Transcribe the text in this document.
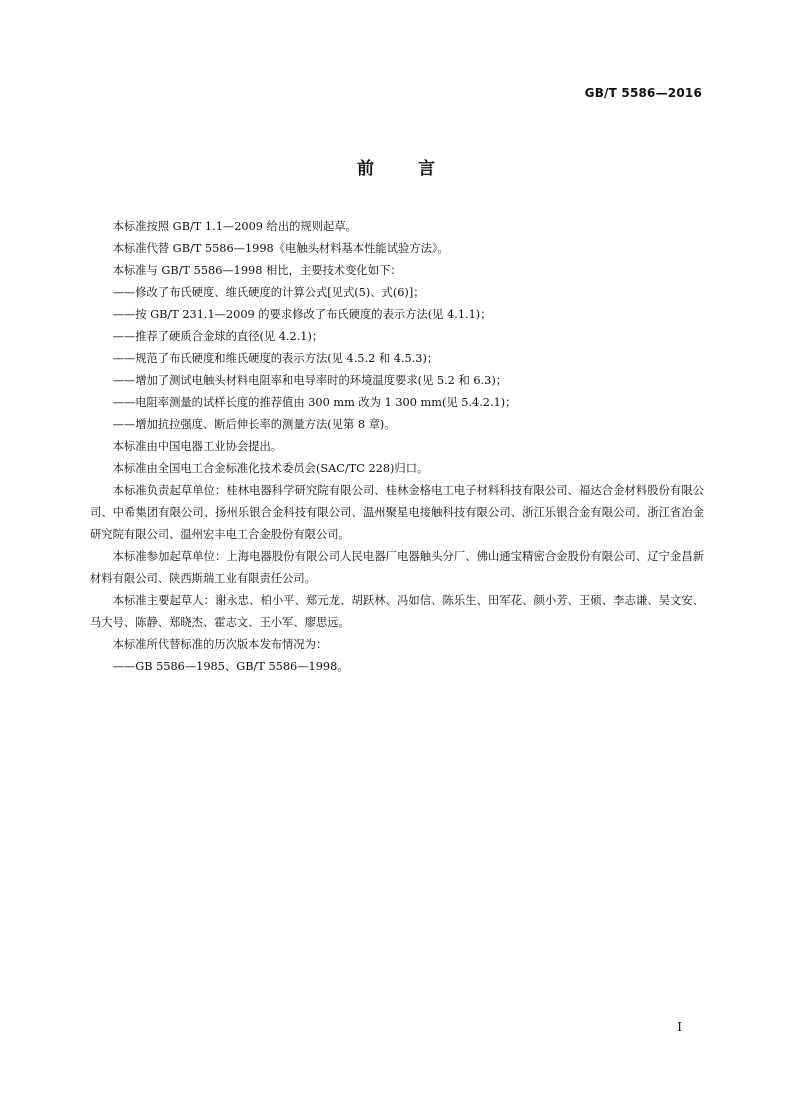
GB/T 5586—2016
前言

本标准按照 GB/T 1.1—2009 给出的规则起草。

本标准代替 GB/T 5586—1998《电触头材料基本性能试验方法》。

本标准与 GB/T 5586—1998 相比，主要技术变化如下：

——修改了布氏硬度、维氏硬度的计算公式[见式(5)、式(6)]；

——按 GB/T 231.1—2009 的要求修改了布氏硬度的表示方法(见 4.1.1)；

——推荐了硬质合金球的直径(见 4.2.1)；

——规范了布氏硬度和维氏硬度的表示方法(见 4.5.2 和 4.5.3)；

——增加了测试电触头材料电阻率和电导率时的环境温度要求(见 5.2 和 6.3)；

——电阻率测量的试样长度的推荐值由 300 mm 改为 1 300 mm(见 5.4.2.1)；

——增加抗拉强度、断后伸长率的测量方法(见第 8 章)。

本标准由中国电器工业协会提出。

本标准由全国电工合金标准化技术委员会(SAC/TC 228)归口。

本标准负责起草单位：桂林电器科学研究院有限公司、桂林金格电工电子材料科技有限公司、福达合金材料股份有限公司、中希集团有限公司、扬州乐银合金科技有限公司、温州聚星电接触科技有限公司、浙江乐银合金有限公司、浙江省冶金研究院有限公司、温州宏丰电工合金股份有限公司。

本标准参加起草单位：上海电器股份有限公司人民电器厂电器触头分厂、佛山通宝精密合金股份有限公司、辽宁金昌新材料有限公司、陕西斯瑞工业有限责任公司。

本标准主要起草人：谢永忠、柏小平、郑元龙、胡跃林、冯如信、陈乐生、田军花、颜小芳、王硕、李志谦、吴文安、马大号、陈静、郑晓杰、霍志文、王小军、廖思远。

本标准所代替标准的历次版本发布情况为：

——GB 5586—1985、GB/T 5586—1998。

I
